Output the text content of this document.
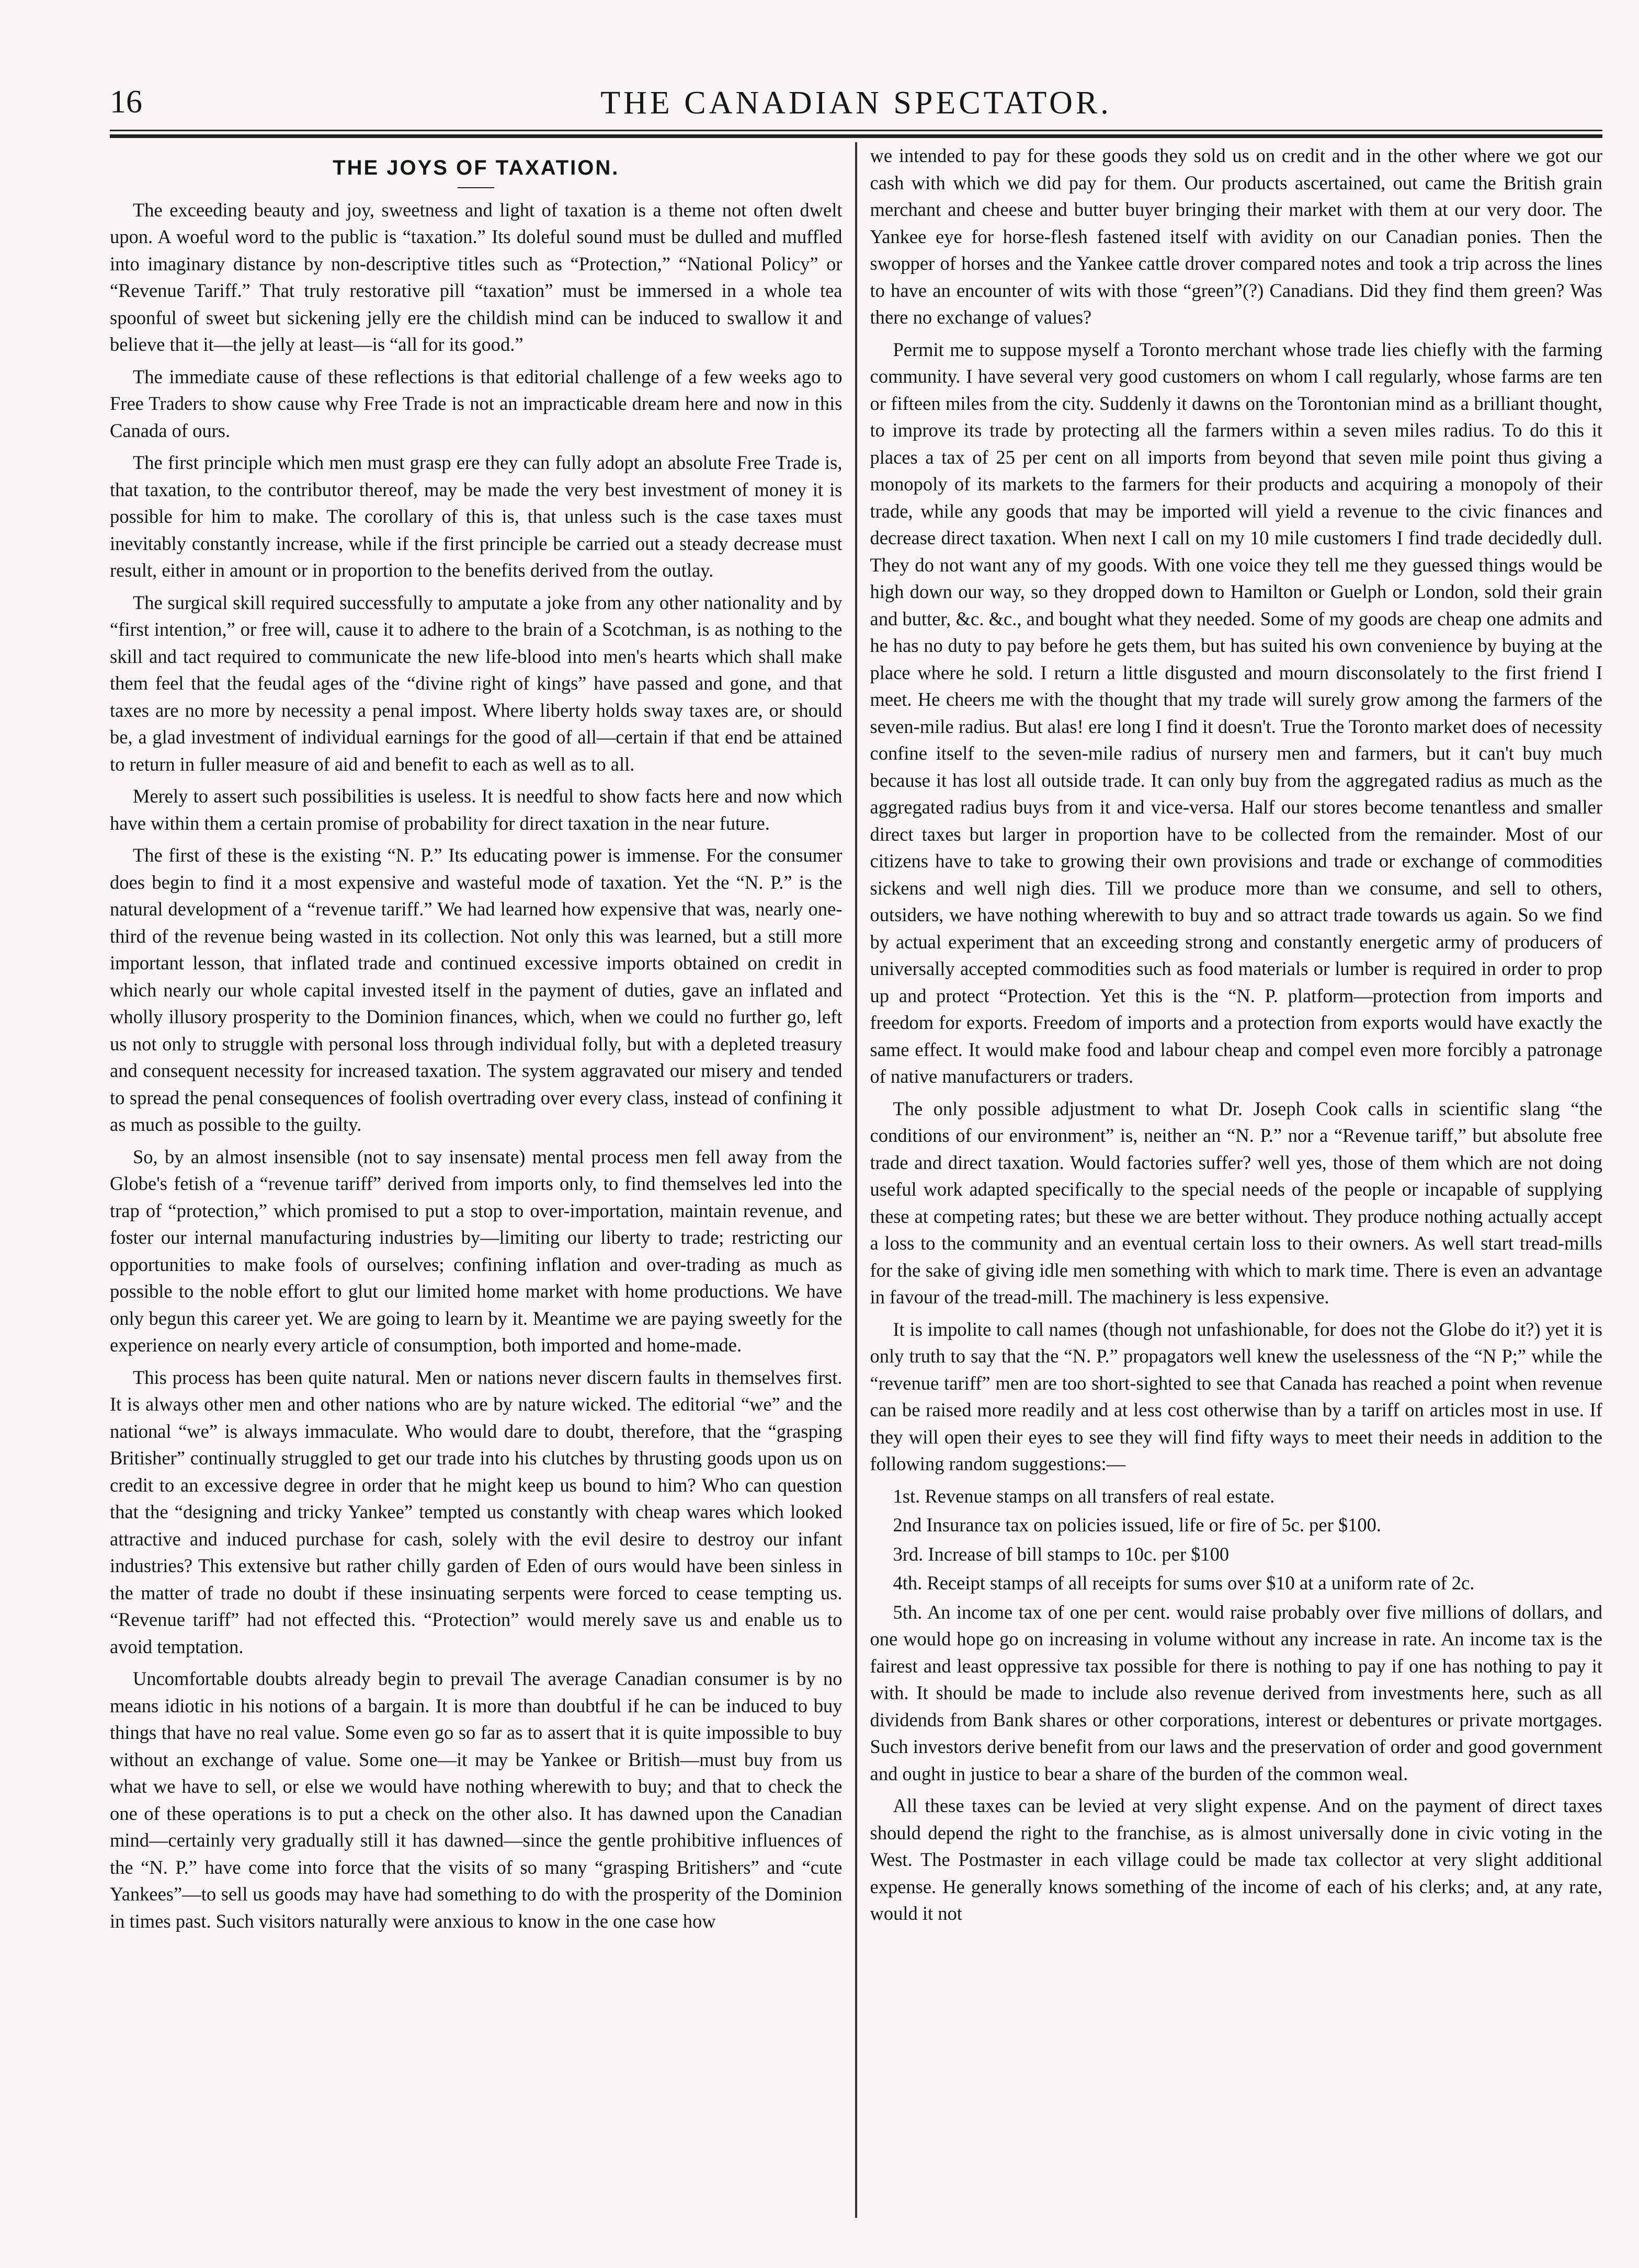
16	THE CANADIAN SPECTATOR.
THE JOYS OF TAXATION.

The exceeding beauty and joy, sweetness and light of taxation is a theme not often dwelt upon. A woeful word to the public is “taxation.” Its doleful sound must be dulled and muffled into imaginary distance by non-descriptive titles such as “Protection,” “National Policy” or “Revenue Tariff.” That truly restorative pill “taxation” must be immersed in a whole tea spoonful of sweet but sickening jelly ere the childish mind can be induced to swallow it and believe that it—the jelly at least—is “all for its good.”

The immediate cause of these reflections is that editorial challenge of a few weeks ago to Free Traders to show cause why Free Trade is not an impracticable dream here and now in this Canada of ours.

The first principle which men must grasp ere they can fully adopt an absolute Free Trade is, that taxation, to the contributor thereof, may be made the very best investment of money it is possible for him to make. The corollary of this is, that unless such is the case taxes must inevitably constantly increase, while if the first principle be carried out a steady decrease must result, either in amount or in proportion to the benefits derived from the outlay.

The surgical skill required successfully to amputate a joke from any other nationality and by “first intention,” or free will, cause it to adhere to the brain of a Scotchman, is as nothing to the skill and tact required to communicate the new life-blood into men's hearts which shall make them feel that the feudal ages of the “divine right of kings” have passed and gone, and that taxes are no more by necessity a penal impost. Where liberty holds sway taxes are, or should be, a glad investment of individual earnings for the good of all—certain if that end be attained to return in fuller measure of aid and benefit to each as well as to all.

Merely to assert such possibilities is useless. It is needful to show facts here and now which have within them a certain promise of probability for direct taxation in the near future.

The first of these is the existing “N. P.” Its educating power is immense. For the consumer does begin to find it a most expensive and wasteful mode of taxation. Yet the “N. P.” is the natural development of a “revenue tariff.” We had learned how expensive that was, nearly one-third of the revenue being wasted in its collection. Not only this was learned, but a still more important lesson, that inflated trade and continued excessive imports obtained on credit in which nearly our whole capital invested itself in the payment of duties, gave an inflated and wholly illusory prosperity to the Dominion finances, which, when we could no further go, left us not only to struggle with personal loss through individual folly, but with a depleted treasury and consequent necessity for increased taxation. The system aggravated our misery and tended to spread the penal consequences of foolish overtrading over every class, instead of confining it as much as possible to the guilty.

So, by an almost insensible (not to say insensate) mental process men fell away from the Globe's fetish of a “revenue tariff” derived from imports only, to find themselves led into the trap of “protection,” which promised to put a stop to over-importation, maintain revenue, and foster our internal manufacturing industries by—limiting our liberty to trade; restricting our opportunities to make fools of ourselves; confining inflation and over-trading as much as possible to the noble effort to glut our limited home market with home productions. We have only begun this career yet. We are going to learn by it. Meantime we are paying sweetly for the experience on nearly every article of consumption, both imported and home-made.

This process has been quite natural. Men or nations never discern faults in themselves first. It is always other men and other nations who are by nature wicked. The editorial “we” and the national “we” is always immaculate. Who would dare to doubt, therefore, that the “grasping Britisher” continually struggled to get our trade into his clutches by thrusting goods upon us on credit to an excessive degree in order that he might keep us bound to him? Who can question that the “designing and tricky Yankee” tempted us constantly with cheap wares which looked attractive and induced purchase for cash, solely with the evil desire to destroy our infant industries? This extensive but rather chilly garden of Eden of ours would have been sinless in the matter of trade no doubt if these insinuating serpents were forced to cease tempting us. “Revenue tariff” had not effected this. “Protection” would merely save us and enable us to avoid temptation.

Uncomfortable doubts already begin to prevail The average Canadian consumer is by no means idiotic in his notions of a bargain. It is more than doubtful if he can be induced to buy things that have no real value. Some even go so far as to assert that it is quite impossible to buy without an exchange of value. Some one—it may be Yankee or British—must buy from us what we have to sell, or else we would have nothing wherewith to buy; and that to check the one of these operations is to put a check on the other also. It has dawned upon the Canadian mind—certainly very gradually still it has dawned—since the gentle prohibitive influences of the “N. P.” have come into force that the visits of so many “grasping Britishers” and “cute Yankees”—to sell us goods may have had something to do with the prosperity of the Dominion in times past. Such visitors naturally were anxious to know in the one case how

we intended to pay for these goods they sold us on credit and in the other where we got our cash with which we did pay for them. Our products ascertained, out came the British grain merchant and cheese and butter buyer bringing their market with them at our very door. The Yankee eye for horse-flesh fastened itself with avidity on our Canadian ponies. Then the swopper of horses and the Yankee cattle drover compared notes and took a trip across the lines to have an encounter of wits with those “green”(?) Canadians. Did they find them green? Was there no exchange of values?

Permit me to suppose myself a Toronto merchant whose trade lies chiefly with the farming community. I have several very good customers on whom I call regularly, whose farms are ten or fifteen miles from the city. Suddenly it dawns on the Torontonian mind as a brilliant thought, to improve its trade by protecting all the farmers within a seven miles radius. To do this it places a tax of 25 per cent on all imports from beyond that seven mile point thus giving a monopoly of its markets to the farmers for their products and acquiring a monopoly of their trade, while any goods that may be imported will yield a revenue to the civic finances and decrease direct taxation. When next I call on my 10 mile customers I find trade decidedly dull. They do not want any of my goods. With one voice they tell me they guessed things would be high down our way, so they dropped down to Hamilton or Guelph or London, sold their grain and butter, &c. &c., and bought what they needed. Some of my goods are cheap one admits and he has no duty to pay before he gets them, but has suited his own convenience by buying at the place where he sold. I return a little disgusted and mourn disconsolately to the first friend I meet. He cheers me with the thought that my trade will surely grow among the farmers of the seven-mile radius. But alas! ere long I find it doesn't. True the Toronto market does of necessity confine itself to the seven-mile radius of nursery men and farmers, but it can't buy much because it has lost all outside trade. It can only buy from the aggregated radius as much as the aggregated radius buys from it and vice-versa. Half our stores become tenantless and smaller direct taxes but larger in proportion have to be collected from the remainder. Most of our citizens have to take to growing their own provisions and trade or exchange of commodities sickens and well nigh dies. Till we produce more than we consume, and sell to others, outsiders, we have nothing wherewith to buy and so attract trade towards us again. So we find by actual experiment that an exceeding strong and constantly energetic army of producers of universally accepted commodities such as food materials or lumber is required in order to prop up and protect “Protection. Yet this is the “N. P. platform—protection from imports and freedom for exports. Freedom of imports and a protection from exports would have exactly the same effect. It would make food and labour cheap and compel even more forcibly a patronage of native manufacturers or traders.

The only possible adjustment to what Dr. Joseph Cook calls in scientific slang “the conditions of our environment” is, neither an “N. P.” nor a “Revenue tariff,” but absolute free trade and direct taxation. Would factories suffer? well yes, those of them which are not doing useful work adapted specifically to the special needs of the people or incapable of supplying these at competing rates; but these we are better without. They produce nothing actually accept a loss to the community and an eventual certain loss to their owners. As well start tread-mills for the sake of giving idle men something with which to mark time. There is even an advantage in favour of the tread-mill. The machinery is less expensive.

It is impolite to call names (though not unfashionable, for does not the Globe do it?) yet it is only truth to say that the “N. P.” propagators well knew the uselessness of the “N P;” while the “revenue tariff” men are too short-sighted to see that Canada has reached a point when revenue can be raised more readily and at less cost otherwise than by a tariff on articles most in use. If they will open their eyes to see they will find fifty ways to meet their needs in addition to the following random suggestions:—

1st. Revenue stamps on all transfers of real estate.

2nd Insurance tax on policies issued, life or fire of 5c. per $100.

3rd. Increase of bill stamps to 10c. per $100

4th. Receipt stamps of all receipts for sums over $10 at a uniform rate of 2c.

5th. An income tax of one per cent. would raise probably over five millions of dollars, and one would hope go on increasing in volume without any increase in rate. An income tax is the fairest and least oppressive tax possible for there is nothing to pay if one has nothing to pay it with. It should be made to include also revenue derived from investments here, such as all dividends from Bank shares or other corporations, interest or debentures or private mortgages. Such investors derive benefit from our laws and the preservation of order and good government and ought in justice to bear a share of the burden of the common weal.

All these taxes can be levied at very slight expense. And on the payment of direct taxes should depend the right to the franchise, as is almost universally done in civic voting in the West. The Postmaster in each village could be made tax collector at very slight additional expense. He generally knows something of the income of each of his clerks; and, at any rate, would it not
